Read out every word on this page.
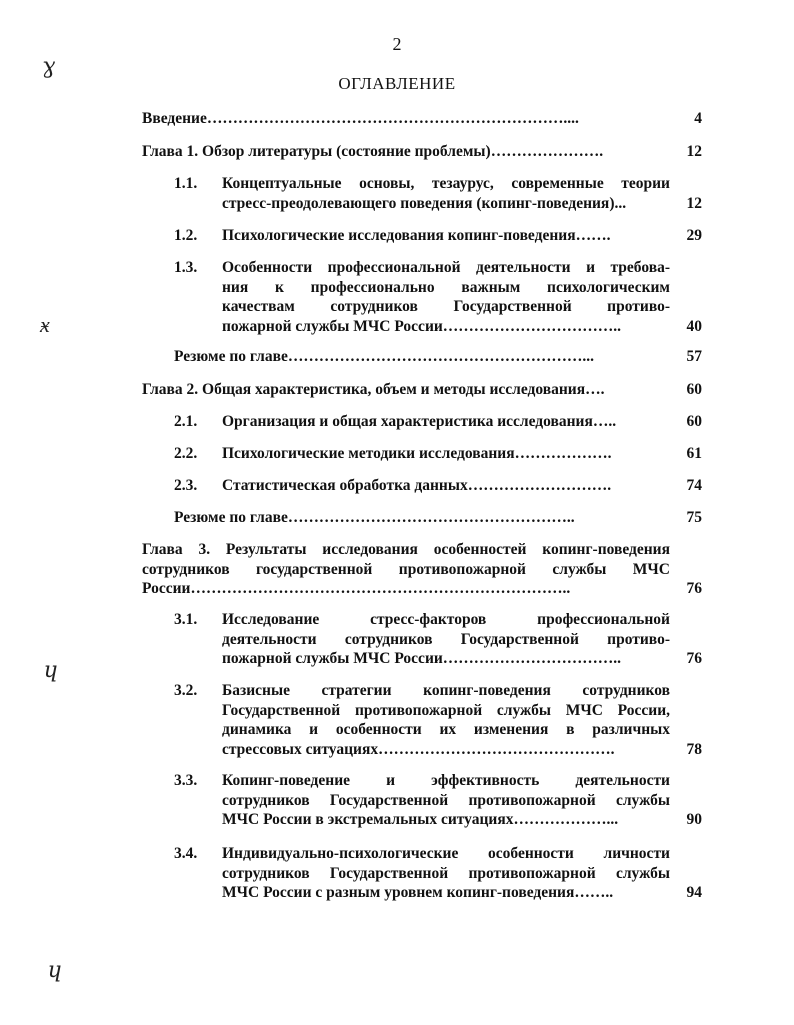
2
ОГЛАВЛЕНИЕ
Введение……………………………………………………………....	4
Глава 1. Обзор литературы (состояние проблемы)………………….	12
1.1. Концептуальные основы, тезаурус, современные теории
стресс-преодолевающего поведения (копинг-поведения)...	12
1.2. Психологические исследования копинг-поведения…….	29
1.3. Особенности профессиональной деятельности и требова-
ния к профессионально важным психологическим
качествам сотрудников Государственной противо-
пожарной службы МЧС России……………………………..	40
Резюме по главе…………………………………………………...	57
Глава 2. Общая характеристика, объем и методы исследования….	60
2.1. Организация и общая характеристика исследования…..	60
2.2. Психологические методики исследования……………….	61
2.3. Статистическая обработка данных……………………….	74
Резюме по главе………………………………………………..	75
Глава 3. Результаты исследования особенностей копинг-поведения
сотрудников государственной противопожарной службы МЧС
России………………………………………………………………..	76
3.1. Исследование стресс-факторов профессиональной
деятельности сотрудников Государственной противо-
пожарной службы МЧС России……………………………..	76
3.2. Базисные стратегии копинг-поведения сотрудников
Государственной противопожарной службы МЧС России,
динамика и особенности их изменения в различных
стрессовых ситуациях……………………………………….	78
3.3. Копинг-поведение и эффективность деятельности
сотрудников Государственной противопожарной службы
МЧС России в экстремальных ситуациях………………...	90
3.4. Индивидуально-психологические особенности личности
сотрудников Государственной противопожарной службы
МЧС России с разным уровнем копинг-поведения……..	94
ɣ
ӿ
ɥ
ɥ
